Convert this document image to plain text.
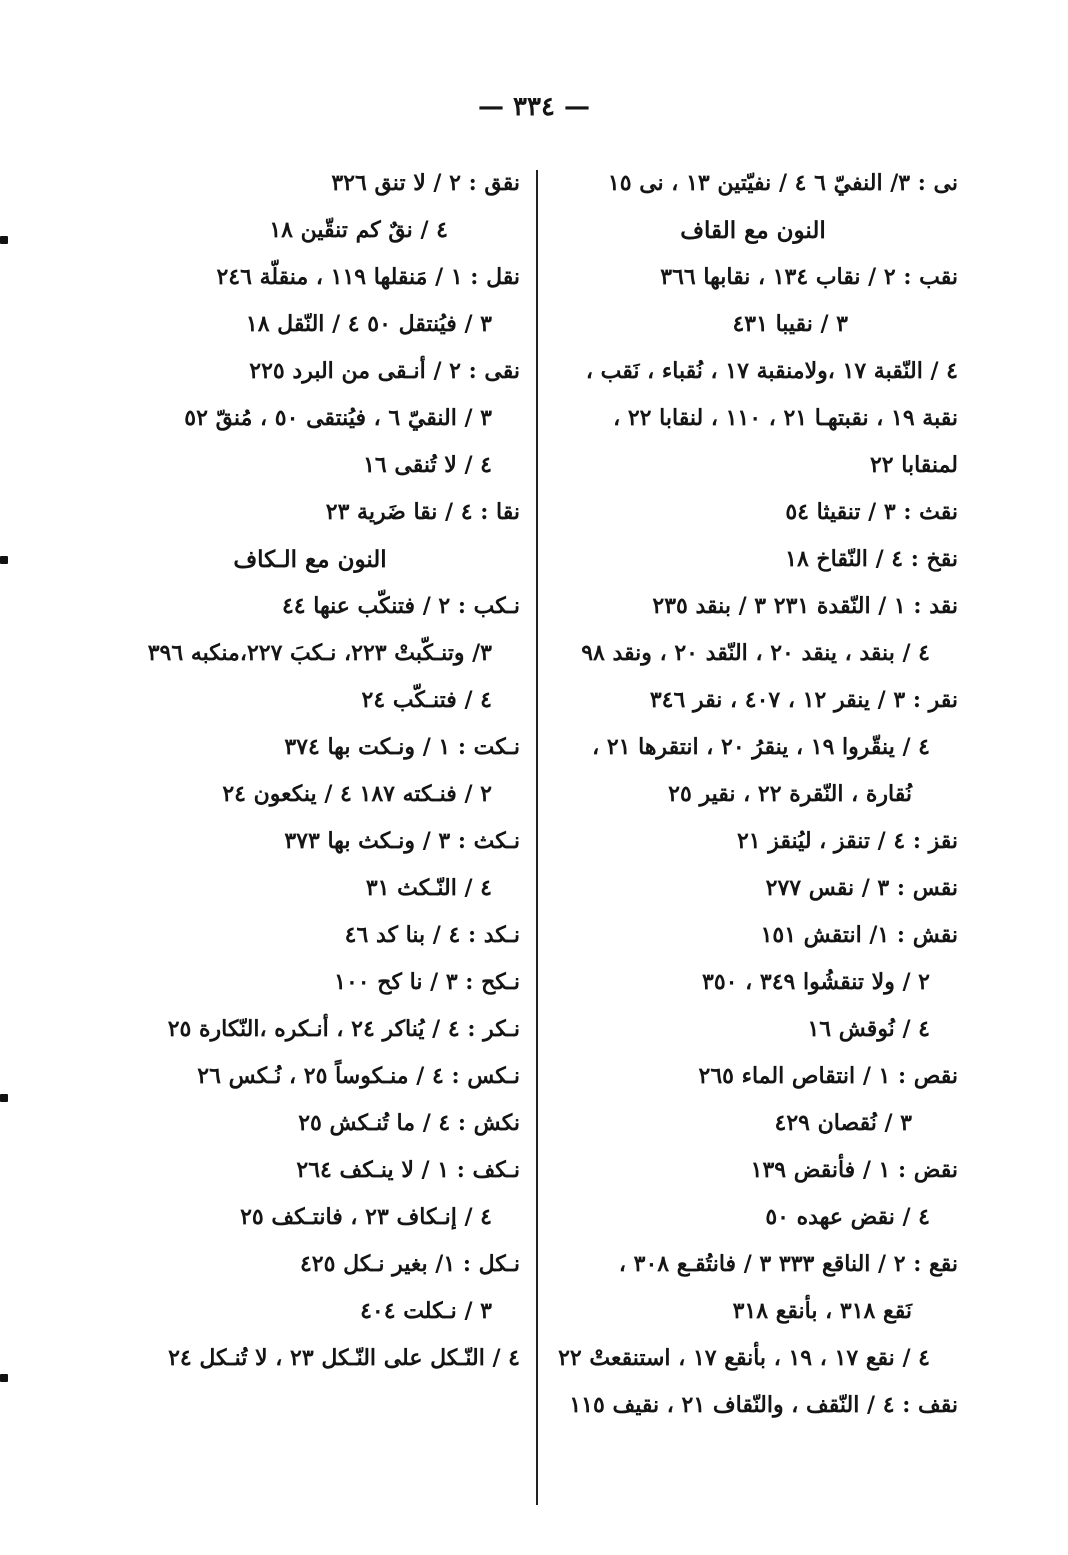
— ٣٣٤ —
نى : ٣/ النفيّ ٦ ٤ / نفيّتين ١٣ ، نى ١٥
النون مع القاف
نقب : ٢ / نقاب ١٣٤ ، نقابها ٣٦٦
٣ / نقيبا ٤٣١
٤ / النّقبة ١٧ ،ولامنقبة ١٧ ، نُقباء ، نَقب ،
نقبة ١٩ ، نقبتهـا ٢١ ، ١١٠ ، لنقابا ٢٢ ،
لمنقابا ٢٢
نقث : ٣ / تنقيثا ٥٤
نقخ : ٤ / النّقاخ ١٨
نقد : ١ / النّقدة ٢٣١ ٣ / بنقد ٢٣٥
٤ / بنقد ، ينقد ٢٠ ، النّقد ٢٠ ، ونقد ٩٨
نقر : ٣ / ينقر ١٢ ، ٤٠٧ ، نقر ٣٤٦
٤ / ينقّروا ١٩ ، ينقرُ ٢٠ ، انتقرها ٢١ ،
نُقارة ، النّقرة ٢٢ ، نقير ٢٥
نقز : ٤ / تنقز ، ليُنقز ٢١
نقس : ٣ / نقس ٢٧٧
نقش : ١/ انتقش ١٥١
٢ / ولا تنقشُوا ٣٤٩ ، ٣٥٠
٤ / نُوقش ١٦
نقص : ١ / انتقاص الماء ٢٦٥
٣ / نُقصان ٤٢٩
نقض : ١ / فأنقض ١٣٩
٤ / نقض عهده ٥٠
نقع : ٢ / الناقع ٣٣٣ ٣ / فانتُقـع ٣٠٨ ،
نَقع ٣١٨ ، بأنقع ٣١٨
٤ / نقع ١٧ ، ١٩ ، بأنقع ١٧ ، استنقعتْ ٢٢
نقف : ٤ / النّقف ، والنّقاف ٢١ ، نقيف ١١٥
نقق : ٢ / لا تنق ٣٢٦
٤ / نقٌ كم تنقّين ١٨
نقل : ١ / مَنقلها ١١٩ ، منقلّة ٢٤٦
٣ / فيُنتقل ٥٠ ٤ / النّقل ١٨
نقى : ٢ / أنـقى من البرد ٢٢٥
٣ / النقيّ ٦ ، فيُنتقى ٥٠ ، مُنقّ ٥٢
٤ / لا تُنقى ١٦
نقا : ٤ / نقا ضَرية ٢٣
النون مع الـكاف
نـكب : ٢ / فتنكّب عنها ٤٤
٣/ وتنـكّبتْ ٢٢٣، نـكبَ ٢٢٧،منكبه ٣٩٦
٤ / فتنـكّب ٢٤
نـكت : ١ / ونـكت بها ٣٧٤
٢ / فنـكته ١٨٧ ٤ / ينكعون ٢٤
نـكث : ٣ / ونـكث بها ٣٧٣
٤ / النّـكث ٣١
نـكد : ٤ / بنا كد ٤٦
نـكح : ٣ / نا كح ١٠٠
نـكر : ٤ / يُناكر ٢٤ ، أنـكره ،النّكارة ٢٥
نـكس : ٤ / منـكوساً ٢٥ ، نُـكس ٢٦
نكش : ٤ / ما تُنـكش ٢٥
نـكف : ١ / لا ينـكف ٢٦٤
٤ / إنـكاف ٢٣ ، فانتـكف ٢٥
نـكل : ١/ بغير نـكل ٤٢٥
٣ / نـكلت ٤٠٤
٤ / النّـكل على النّـكل ٢٣ ، لا تُنـكل ٢٤
